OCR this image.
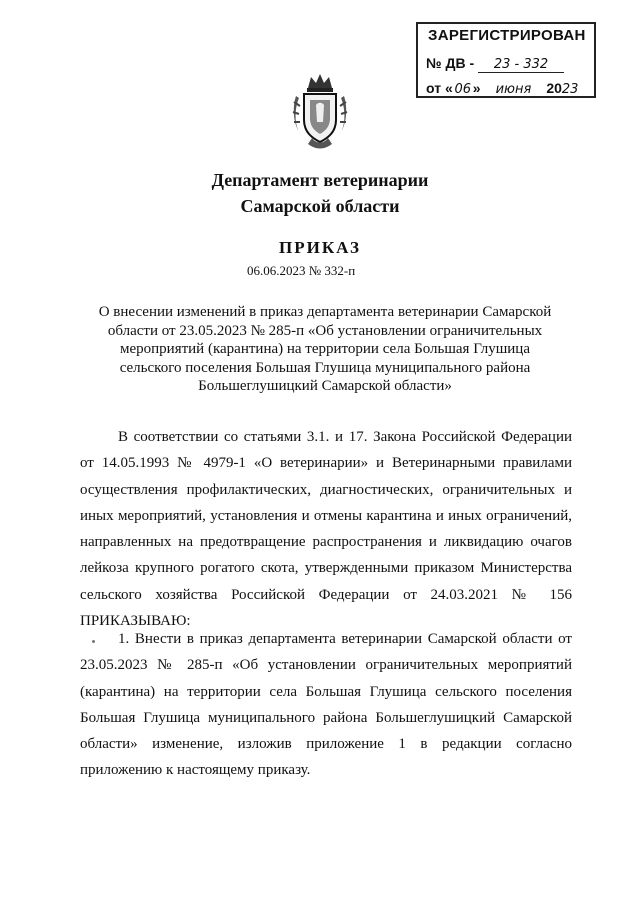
ЗАРЕГИСТРИРОВАН
№ ДВ - 23 - 332
от « 06 » июня 2023
Департамент ветеринарии
Самарской области
ПРИКАЗ
06.06.2023 № 332-п
О внесении изменений в приказ департамента ветеринарии Самарской области от 23.05.2023 № 285-п «Об установлении ограничительных мероприятий (карантина) на территории села Большая Глушица сельского поселения Большая Глушица муниципального района Большеглушицкий Самарской области»
В соответствии со статьями 3.1. и 17. Закона Российской Федерации от 14.05.1993 № 4979-1 «О ветеринарии» и Ветеринарными правилами осуществления профилактических, диагностических, ограничительных и иных мероприятий, установления и отмены карантина и иных ограничений, направленных на предотвращение распространения и ликвидацию очагов лейкоза крупного рогатого скота, утвержденными приказом Министерства сельского хозяйства Российской Федерации от 24.03.2021 № 156 ПРИКАЗЫВАЮ:
1. Внести в приказ департамента ветеринарии Самарской области от 23.05.2023 № 285-п «Об установлении ограничительных мероприятий (карантина) на территории села Большая Глушица сельского поселения Большая Глушица муниципального района Большеглушицкий Самарской области» изменение, изложив приложение 1 в редакции согласно приложению к настоящему приказу.
